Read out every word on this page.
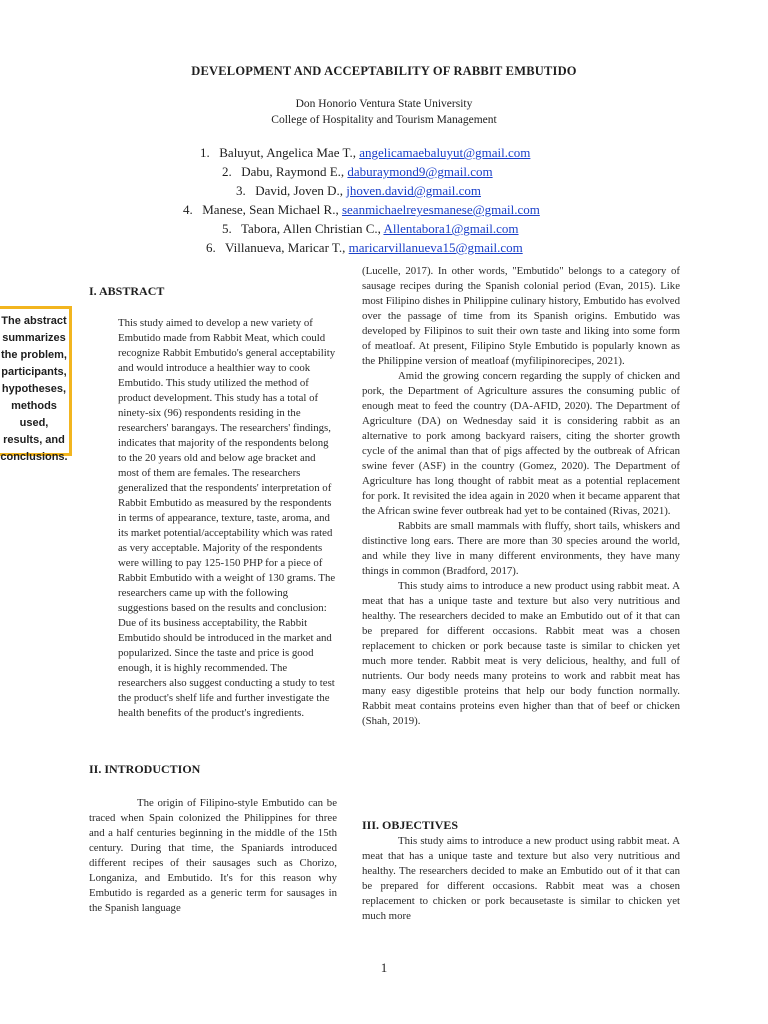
DEVELOPMENT AND ACCEPTABILITY OF RABBIT EMBUTIDO
Don Honorio Ventura State University
College of Hospitality and Tourism Management
1. Baluyut, Angelica Mae T., angelicamaebaluyut@gmail.com
2. Dabu, Raymond E., daburaymond9@gmail.com
3. David, Joven D., jhoven.david@gmail.com
4. Manese, Sean Michael R., seanmichaelreyesmanese@gmail.com
5. Tabora, Allen Christian C., Allentabora1@gmail.com
6. Villanueva, Maricar T., maricarvillanueva15@gmail.com
The abstract
summarizes
the problem,
participants,
hypotheses,
methods
used,
results, and
conclusions.
I. ABSTRACT

This study aimed to develop a new variety of Embutido made from Rabbit Meat, which could recognize Rabbit Embutido's general acceptability and would introduce a healthier way to cook Embutido. This study utilized the method of product development. This study has a total of ninety-six (96) respondents residing in the researchers' barangays. The researchers' findings, indicates that majority of the respondents belong to the 20 years old and below age bracket and most of them are females. The researchers generalized that the respondents' interpretation of Rabbit Embutido as measured by the respondents in terms of appearance, texture, taste, aroma, and its market potential/acceptability which was rated as very acceptable. Majority of the respondents were willing to pay 125-150 PHP for a piece of Rabbit Embutido with a weight of 130 grams. The researchers came up with the following suggestions based on the results and conclusion: Due of its business acceptability, the Rabbit Embutido should be introduced in the market and popularized. Since the taste and price is good enough, it is highly recommended. The researchers also suggest conducting a study to test the product's shelf life and further investigate the health benefits of the product's ingredients.

II. INTRODUCTION

The origin of Filipino-style Embutido can be traced when Spain colonized the Philippines for three and a half centuries beginning in the middle of the 15th century. During that time, the Spaniards introduced different recipes of their sausages such as Chorizo, Longaniza, and Embutido. It's for this reason why Embutido is regarded as a generic term for sausages in the Spanish language

(Lucelle, 2017). In other words, "Embutido" belongs to a category of sausage recipes during the Spanish colonial period (Evan, 2015). Like most Filipino dishes in Philippine culinary history, Embutido has evolved over the passage of time from its Spanish origins. Embutido was developed by Filipinos to suit their own taste and liking into some form of meatloaf. At present, Filipino Style Embutido is popularly known as the Philippine version of meatloaf (myfilipinorecipes, 2021).

Amid the growing concern regarding the supply of chicken and pork, the Department of Agriculture assures the consuming public of enough meat to feed the country (DA-AFID, 2020). The Department of Agriculture (DA) on Wednesday said it is considering rabbit as an alternative to pork among backyard raisers, citing the shorter growth cycle of the animal than that of pigs affected by the outbreak of African swine fever (ASF) in the country (Gomez, 2020). The Department of Agriculture has long thought of rabbit meat as a potential replacement for pork. It revisited the idea again in 2020 when it became apparent that the African swine fever outbreak had yet to be contained (Rivas, 2021).

Rabbits are small mammals with fluffy, short tails, whiskers and distinctive long ears. There are more than 30 species around the world, and while they live in many different environments, they have many things in common (Bradford, 2017).

This study aims to introduce a new product using rabbit meat. A meat that has a unique taste and texture but also very nutritious and healthy. The researchers decided to make an Embutido out of it that can be prepared for different occasions. Rabbit meat was a chosen replacement to chicken or pork because taste is similar to chicken yet much more tender. Rabbit meat is very delicious, healthy, and full of nutrients. Our body needs many proteins to work and rabbit meat has many easy digestible proteins that help our body function normally. Rabbit meat contains proteins even higher than that of beef or chicken (Shah, 2019).

III. OBJECTIVES

This study aims to introduce a new product using rabbit meat. A meat that has a unique taste and texture but also very nutritious and healthy. The researchers decided to make an Embutido out of it that can be prepared for different occasions. Rabbit meat was a chosen replacement to chicken or pork becausetaste is similar to chicken yet much more

1
